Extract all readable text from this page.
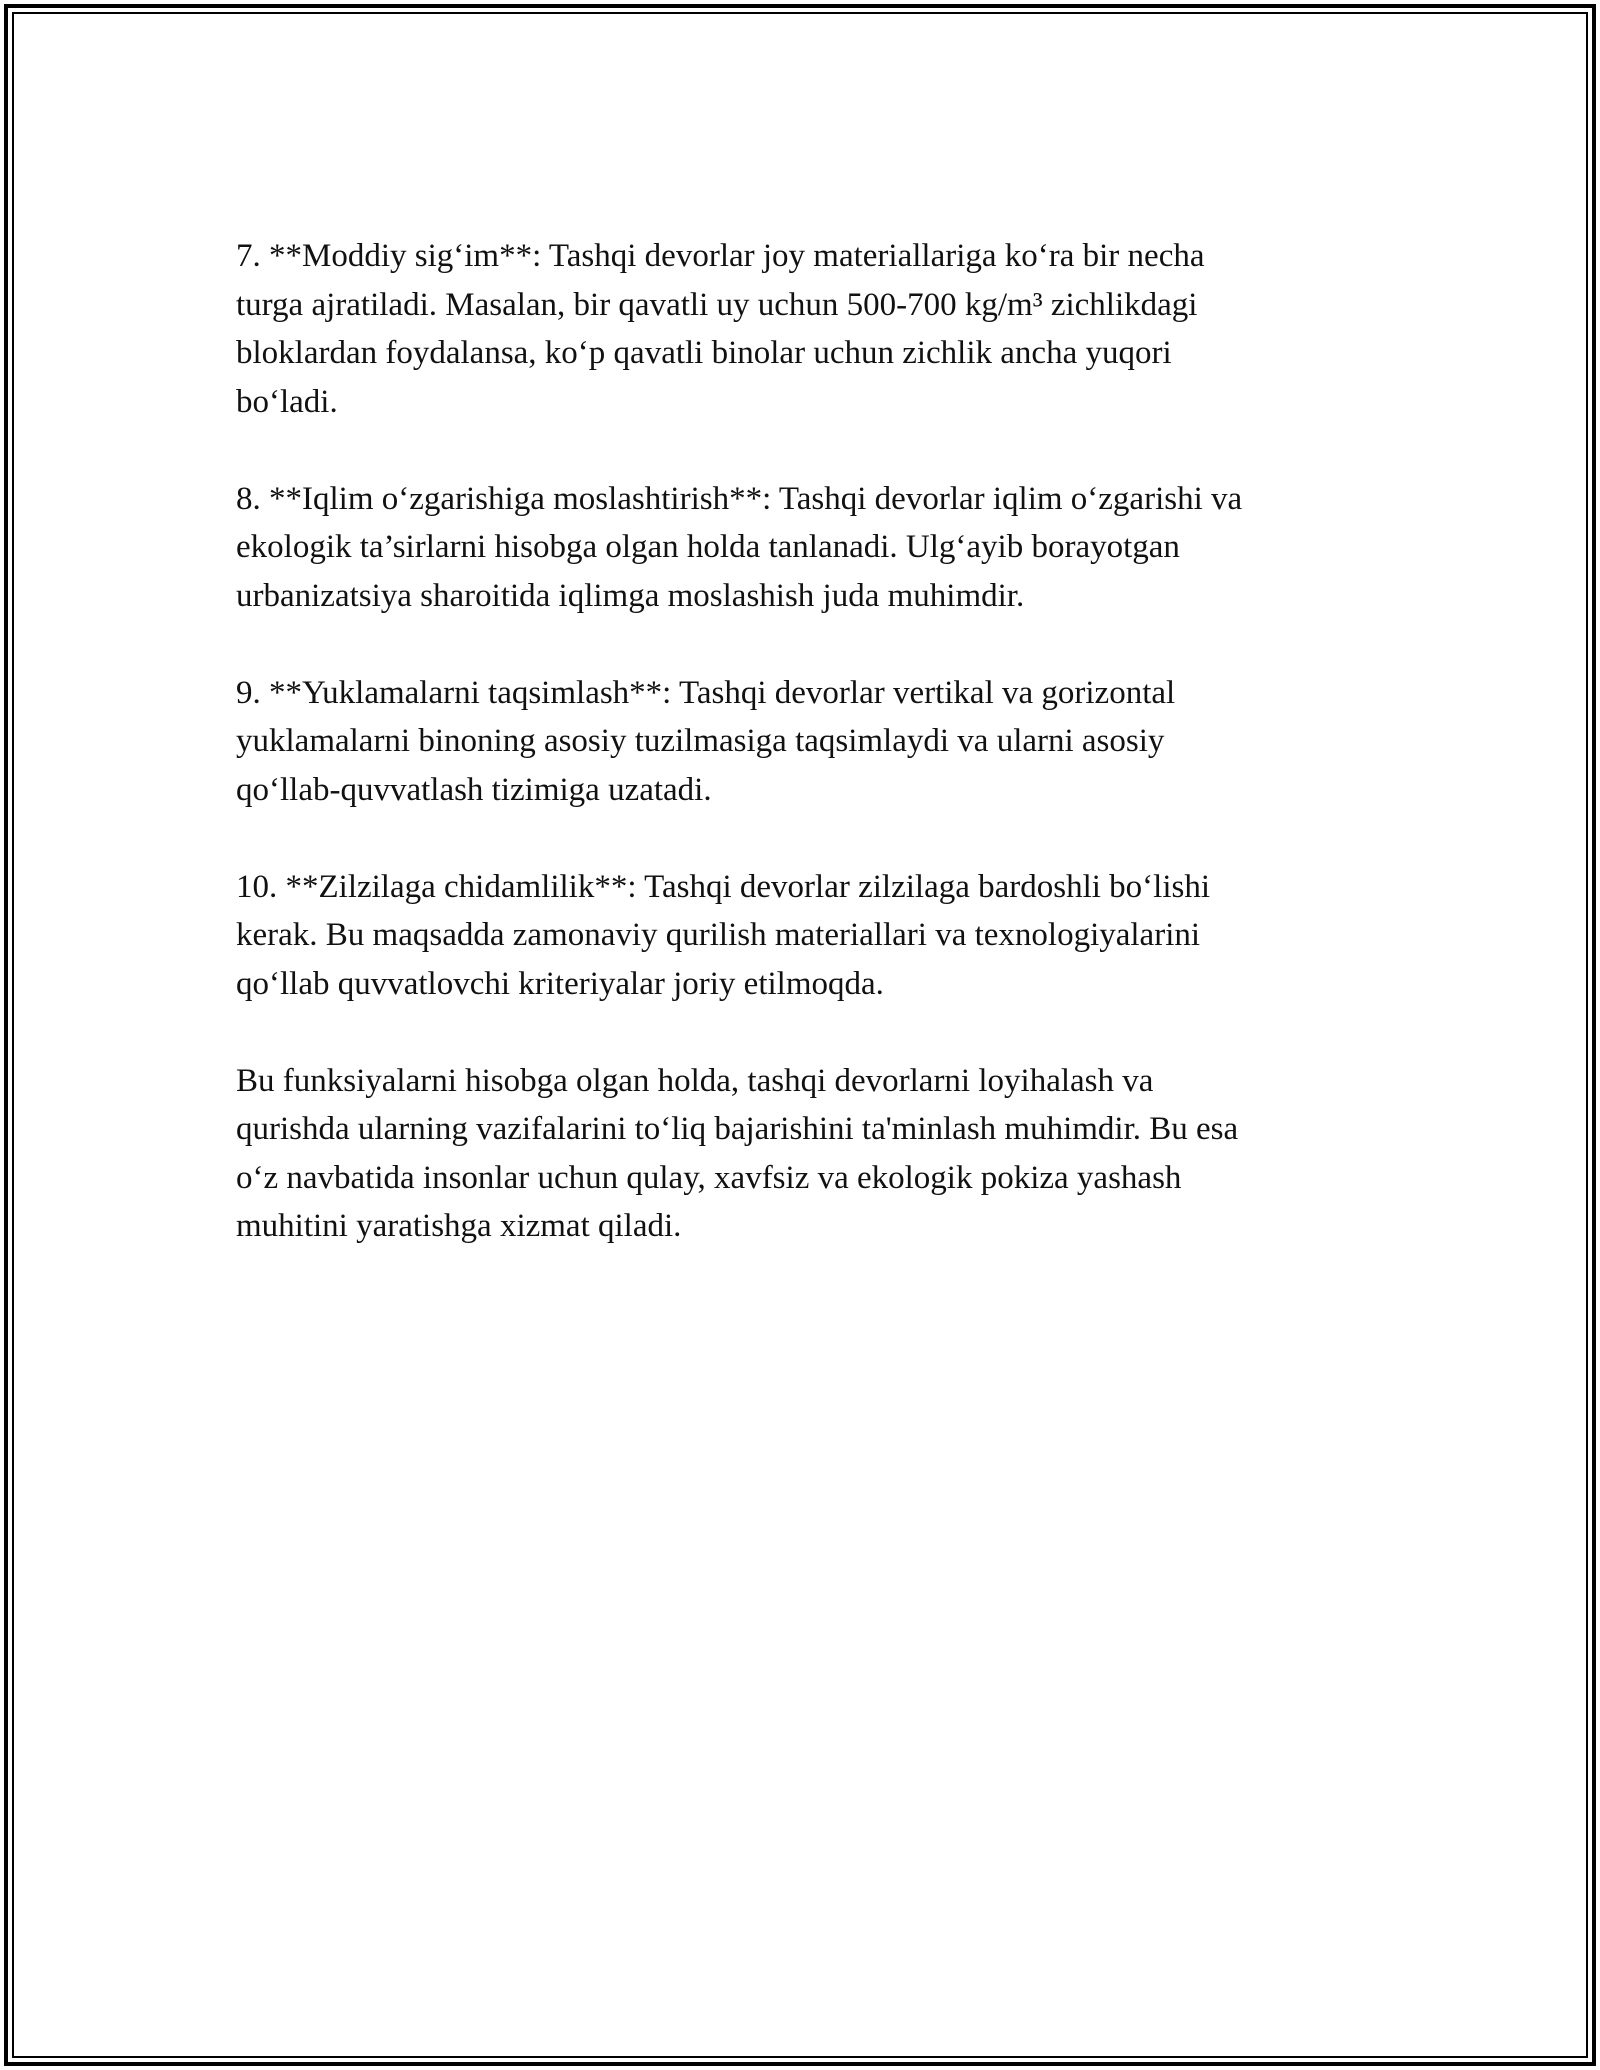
7. **Moddiy sig‘im**: Tashqi devorlar joy materiallariga ko‘ra bir necha
turga ajratiladi. Masalan, bir qavatli uy uchun 500-700 kg/m³ zichlikdagi
bloklardan foydalansa, ko‘p qavatli binolar uchun zichlik ancha yuqori
bo‘ladi.

8. **Iqlim o‘zgarishiga moslashtirish**: Tashqi devorlar iqlim o‘zgarishi va
ekologik ta’sirlarni hisobga olgan holda tanlanadi. Ulg‘ayib borayotgan
urbanizatsiya sharoitida iqlimga moslashish juda muhimdir.

9. **Yuklamalarni taqsimlash**: Tashqi devorlar vertikal va gorizontal
yuklamalarni binoning asosiy tuzilmasiga taqsimlaydi va ularni asosiy
qo‘llab-quvvatlash tizimiga uzatadi.

10. **Zilzilaga chidamlilik**: Tashqi devorlar zilzilaga bardoshli bo‘lishi
kerak. Bu maqsadda zamonaviy qurilish materiallari va texnologiyalarini
qo‘llab quvvatlovchi kriteriyalar joriy etilmoqda.

Bu funksiyalarni hisobga olgan holda, tashqi devorlarni loyihalash va
qurishda ularning vazifalarini to‘liq bajarishini ta'minlash muhimdir. Bu esa
o‘z navbatida insonlar uchun qulay, xavfsiz va ekologik pokiza yashash
muhitini yaratishga xizmat qiladi.
